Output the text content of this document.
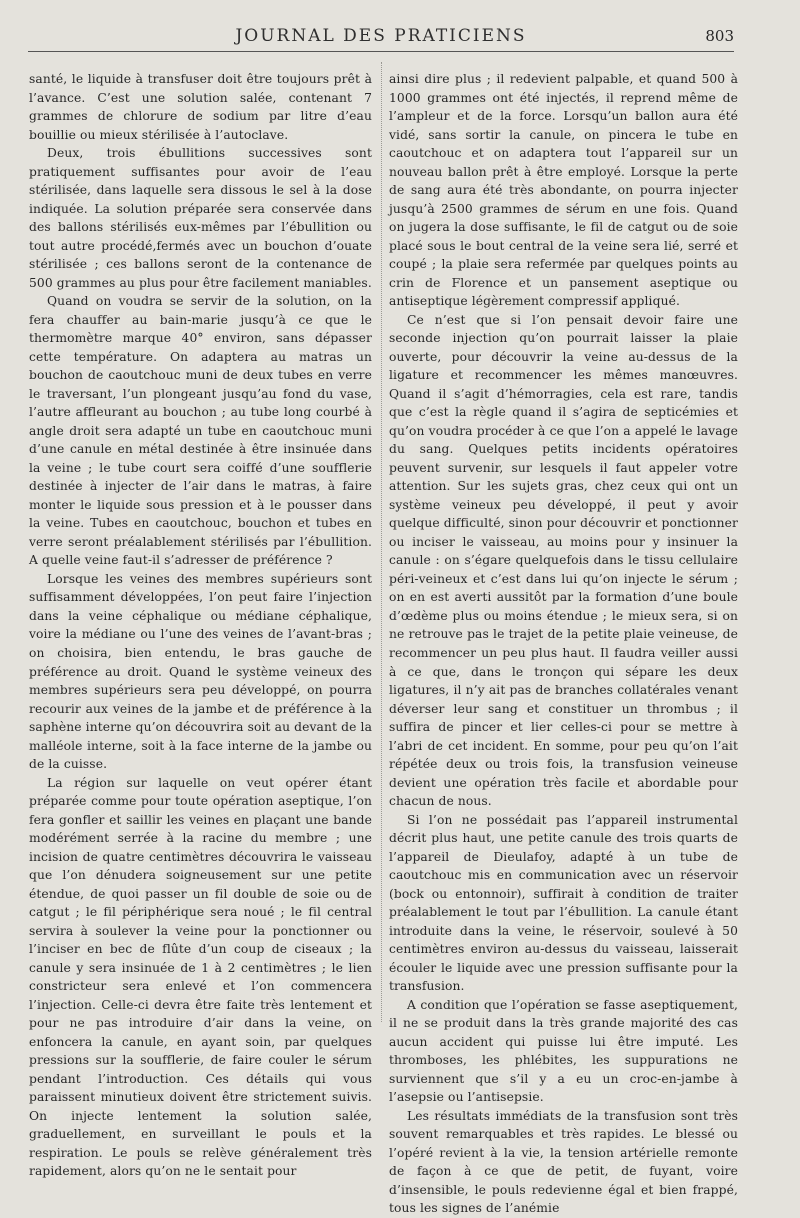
JOURNAL DES PRATICIENS	803

santé, le liquide à transfuser doit être toujours prêt à l’avance. C’est une solution salée, contenant 7 grammes de chlorure de sodium par litre d’eau bouillie ou mieux stérilisée à l’autoclave.

Deux, trois ébullitions successives sont pratiquement suffisantes pour avoir de l’eau stérilisée, dans laquelle sera dissous le sel à la dose indiquée. La solution préparée sera conservée dans des ballons stérilisés eux-mêmes par l’ébullition ou tout autre procédé,fermés avec un bouchon d’ouate stérilisée ; ces ballons seront de la contenance de 500 grammes au plus pour être facilement maniables.

Quand on voudra se servir de la solution, on la fera chauffer au bain-marie jusqu’à ce que le thermomètre marque 40° environ, sans dépasser cette température. On adaptera au matras un bouchon de caoutchouc muni de deux tubes en verre le traversant, l’un plongeant jusqu’au fond du vase, l’autre affleurant au bouchon ; au tube long courbé à angle droit sera adapté un tube en caoutchouc muni d’une canule en métal destinée à être insinuée dans la veine ; le tube court sera coiffé d’une soufflerie destinée à injecter de l’air dans le matras, à faire monter le liquide sous pression et à le pousser dans la veine. Tubes en caoutchouc, bouchon et tubes en verre seront préalablement stérilisés par l’ébullition. A quelle veine faut-il s’adresser de préférence ?

Lorsque les veines des membres supérieurs sont suffisamment développées, l’on peut faire l’injection dans la veine céphalique ou médiane céphalique, voire la médiane ou l’une des veines de l’avant-bras ; on choisira, bien entendu, le bras gauche de préférence au droit. Quand le système veineux des membres supérieurs sera peu développé, on pourra recourir aux veines de la jambe et de préférence à la saphène interne qu’on découvrira soit au devant de la malléole interne, soit à la face interne de la jambe ou de la cuisse.

La région sur laquelle on veut opérer étant préparée comme pour toute opération aseptique, l’on fera gonfler et saillir les veines en plaçant une bande modérément serrée à la racine du membre ; une incision de quatre centimètres découvrira le vaisseau que l’on dénudera soigneusement sur une petite étendue, de quoi passer un fil double de soie ou de catgut ; le fil périphérique sera noué ; le fil central servira à soulever la veine pour la ponctionner ou l’inciser en bec de flûte d’un coup de ciseaux ; la canule y sera insinuée de 1 à 2 centimètres ; le lien constricteur sera enlevé et l’on commencera l’injection. Celle-ci devra être faite très lentement et pour ne pas introduire d’air dans la veine, on enfoncera la canule, en ayant soin, par quelques pressions sur la soufflerie, de faire couler le sérum pendant l’introduction. Ces détails qui vous paraissent minutieux doivent être strictement suivis. On injecte lentement la solution salée, graduellement, en surveillant le pouls et la respiration. Le pouls se relève généralement très rapidement, alors qu’on ne le sentait pour

ainsi dire plus ; il redevient palpable, et quand 500 à 1000 grammes ont été injectés, il reprend même de l’ampleur et de la force. Lorsqu’un ballon aura été vidé, sans sortir la canule, on pincera le tube en caoutchouc et on adaptera tout l’appareil sur un nouveau ballon prêt à être employé. Lorsque la perte de sang aura été très abondante, on pourra injecter jusqu’à 2500 grammes de sérum en une fois. Quand on jugera la dose suffisante, le fil de catgut ou de soie placé sous le bout central de la veine sera lié, serré et coupé ; la plaie sera refermée par quelques points au crin de Florence et un pansement aseptique ou antiseptique légèrement compressif appliqué.

Ce n’est que si l’on pensait devoir faire une seconde injection qu’on pourrait laisser la plaie ouverte, pour découvrir la veine au-dessus de la ligature et recommencer les mêmes manœuvres. Quand il s’agit d’hémorragies, cela est rare, tandis que c’est la règle quand il s’agira de septicémies et qu’on voudra procéder à ce que l’on a appelé le lavage du sang. Quelques petits incidents opératoires peuvent survenir, sur lesquels il faut appeler votre attention. Sur les sujets gras, chez ceux qui ont un système veineux peu développé, il peut y avoir quelque difficulté, sinon pour découvrir et ponctionner ou inciser le vaisseau, au moins pour y insinuer la canule : on s’égare quelquefois dans le tissu cellulaire péri-veineux et c’est dans lui qu’on injecte le sérum ; on en est averti aussitôt par la formation d’une boule d’œdème plus ou moins étendue ; le mieux sera, si on ne retrouve pas le trajet de la petite plaie veineuse, de recommencer un peu plus haut. Il faudra veiller aussi à ce que, dans le tronçon qui sépare les deux ligatures, il n’y ait pas de branches collatérales venant déverser leur sang et constituer un thrombus ; il suffira de pincer et lier celles-ci pour se mettre à l’abri de cet incident. En somme, pour peu qu’on l’ait répétée deux ou trois fois, la transfusion veineuse devient une opération très facile et abordable pour chacun de nous.

Si l’on ne possédait pas l’appareil instrumental décrit plus haut, une petite canule des trois quarts de l’appareil de Dieulafoy, adapté à un tube de caoutchouc mis en communication avec un réservoir (bock ou entonnoir), suffirait à condition de traiter préalablement le tout par l’ébullition. La canule étant introduite dans la veine, le réservoir, soulevé à 50 centimètres environ au-dessus du vaisseau, laisserait écouler le liquide avec une pression suffisante pour la transfusion.

A condition que l’opération se fasse aseptiquement, il ne se produit dans la très grande majorité des cas aucun accident qui puisse lui être imputé. Les thromboses, les phlébites, les suppurations ne surviennent que s’il y a eu un croc-en-jambe à l’asepsie ou l’antisepsie.

Les résultats immédiats de la transfusion sont très souvent remarquables et très rapides. Le blessé ou l’opéré revient à la vie, la tension artérielle remonte de façon à ce que de petit, de fuyant, voire d’insensible, le pouls redevienne égal et bien frappé, tous les signes de l’anémie
